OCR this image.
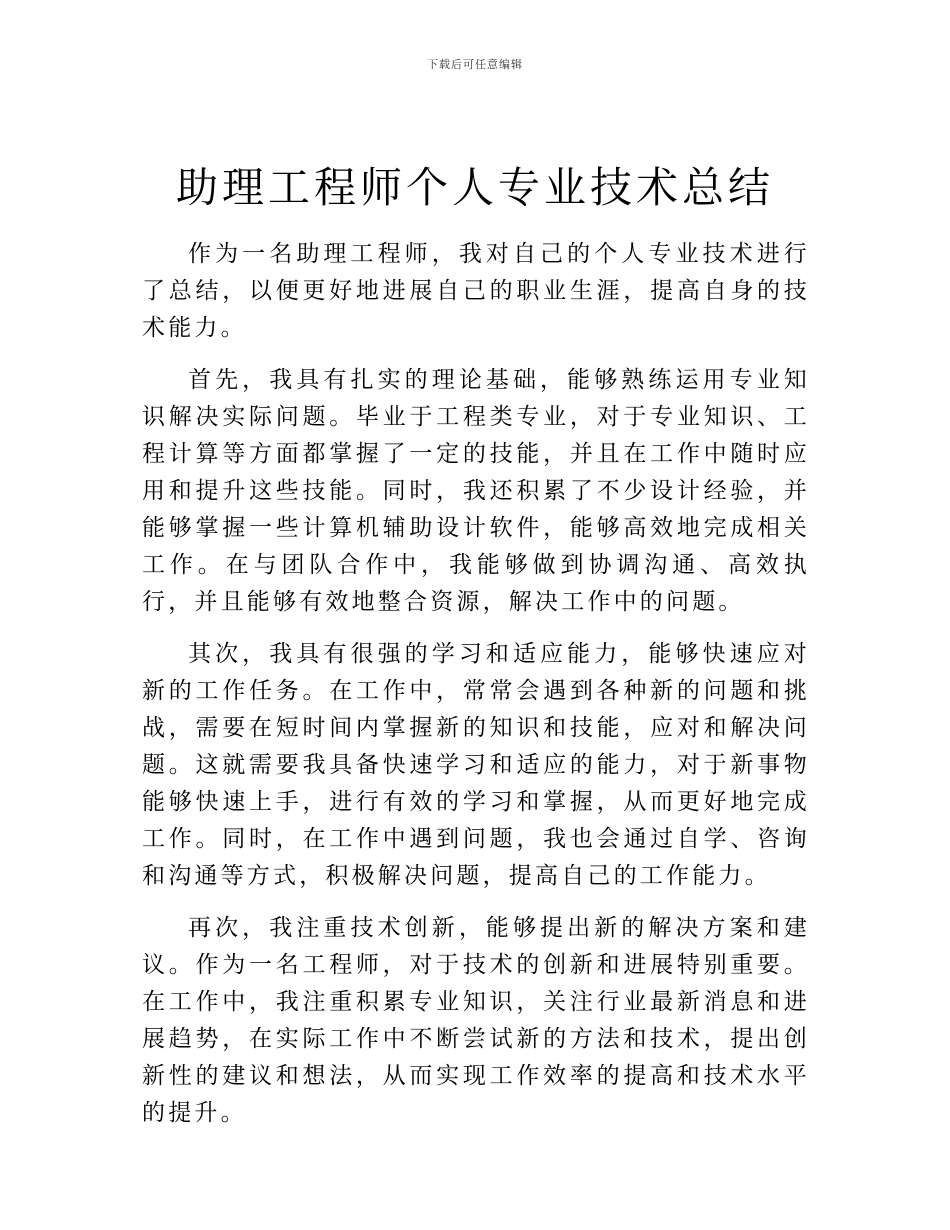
下载后可任意编辑
助理工程师个人专业技术总结

作为一名助理工程师，我对自己的个人专业技术进行了总结，以便更好地进展自己的职业生涯，提高自身的技术能力。

首先，我具有扎实的理论基础，能够熟练运用专业知识解决实际问题。毕业于工程类专业，对于专业知识、工程计算等方面都掌握了一定的技能，并且在工作中随时应用和提升这些技能。同时，我还积累了不少设计经验，并能够掌握一些计算机辅助设计软件，能够高效地完成相关工作。在与团队合作中，我能够做到协调沟通、高效执行，并且能够有效地整合资源，解决工作中的问题。

其次，我具有很强的学习和适应能力，能够快速应对新的工作任务。在工作中，常常会遇到各种新的问题和挑战，需要在短时间内掌握新的知识和技能，应对和解决问题。这就需要我具备快速学习和适应的能力，对于新事物能够快速上手，进行有效的学习和掌握，从而更好地完成工作。同时，在工作中遇到问题，我也会通过自学、咨询和沟通等方式，积极解决问题，提高自己的工作能力。

再次，我注重技术创新，能够提出新的解决方案和建议。作为一名工程师，对于技术的创新和进展特别重要。在工作中，我注重积累专业知识，关注行业最新消息和进展趋势，在实际工作中不断尝试新的方法和技术，提出创新性的建议和想法，从而实现工作效率的提高和技术水平的提升。
